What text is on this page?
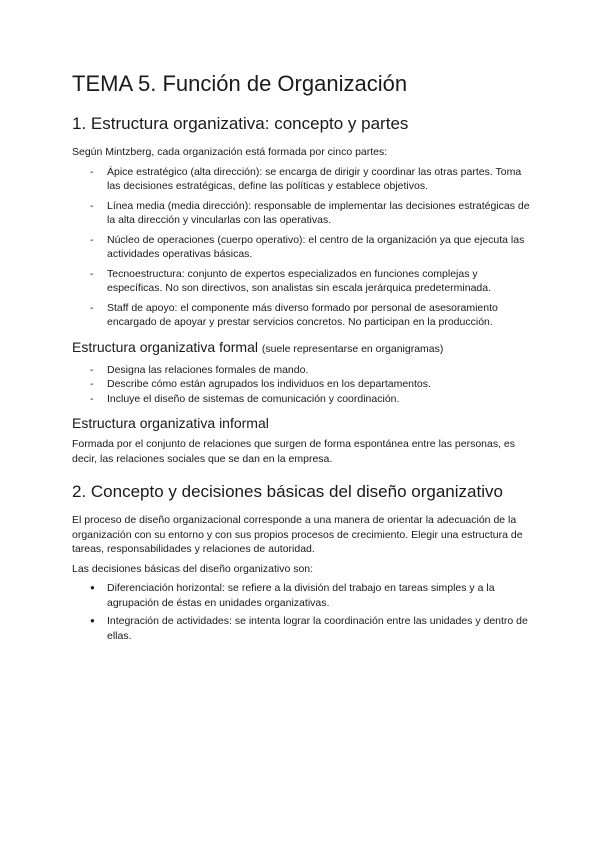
TEMA 5. Función de Organización
1. Estructura organizativa: concepto y partes

Según Mintzberg, cada organización está formada por cinco partes:

- Ápice estratégico (alta dirección): se encarga de dirigir y coordinar las otras partes. Toma las decisiones estratégicas, define las políticas y establece objetivos.
- Línea media (media dirección): responsable de implementar las decisiones estratégicas de la alta dirección y vincularlas con las operativas.
- Núcleo de operaciones (cuerpo operativo): el centro de la organización ya que ejecuta las actividades operativas básicas.
- Tecnoestructura: conjunto de expertos especializados en funciones complejas y específicas. No son directivos, son analistas sin escala jerárquica predeterminada.
- Staff de apoyo: el componente más diverso formado por personal de asesoramiento encargado de apoyar y prestar servicios concretos. No participan en la producción.
Estructura organizativa formal (suele representarse en organigramas)
- Designa las relaciones formales de mando.
- Describe cómo están agrupados los individuos en los departamentos.
- Incluye el diseño de sistemas de comunicación y coordinación.
Estructura organizativa informal

Formada por el conjunto de relaciones que surgen de forma espontánea entre las personas, es decir, las relaciones sociales que se dan en la empresa.

2. Concepto y decisiones básicas del diseño organizativo

El proceso de diseño organizacional corresponde a una manera de orientar la adecuación de la organización con su entorno y con sus propios procesos de crecimiento. Elegir una estructura de tareas, responsabilidades y relaciones de autoridad.

Las decisiones básicas del diseño organizativo son:

● Diferenciación horizontal: se refiere a la división del trabajo en tareas simples y a la agrupación de éstas en unidades organizativas.
● Integración de actividades: se intenta lograr la coordinación entre las unidades y dentro de ellas.
